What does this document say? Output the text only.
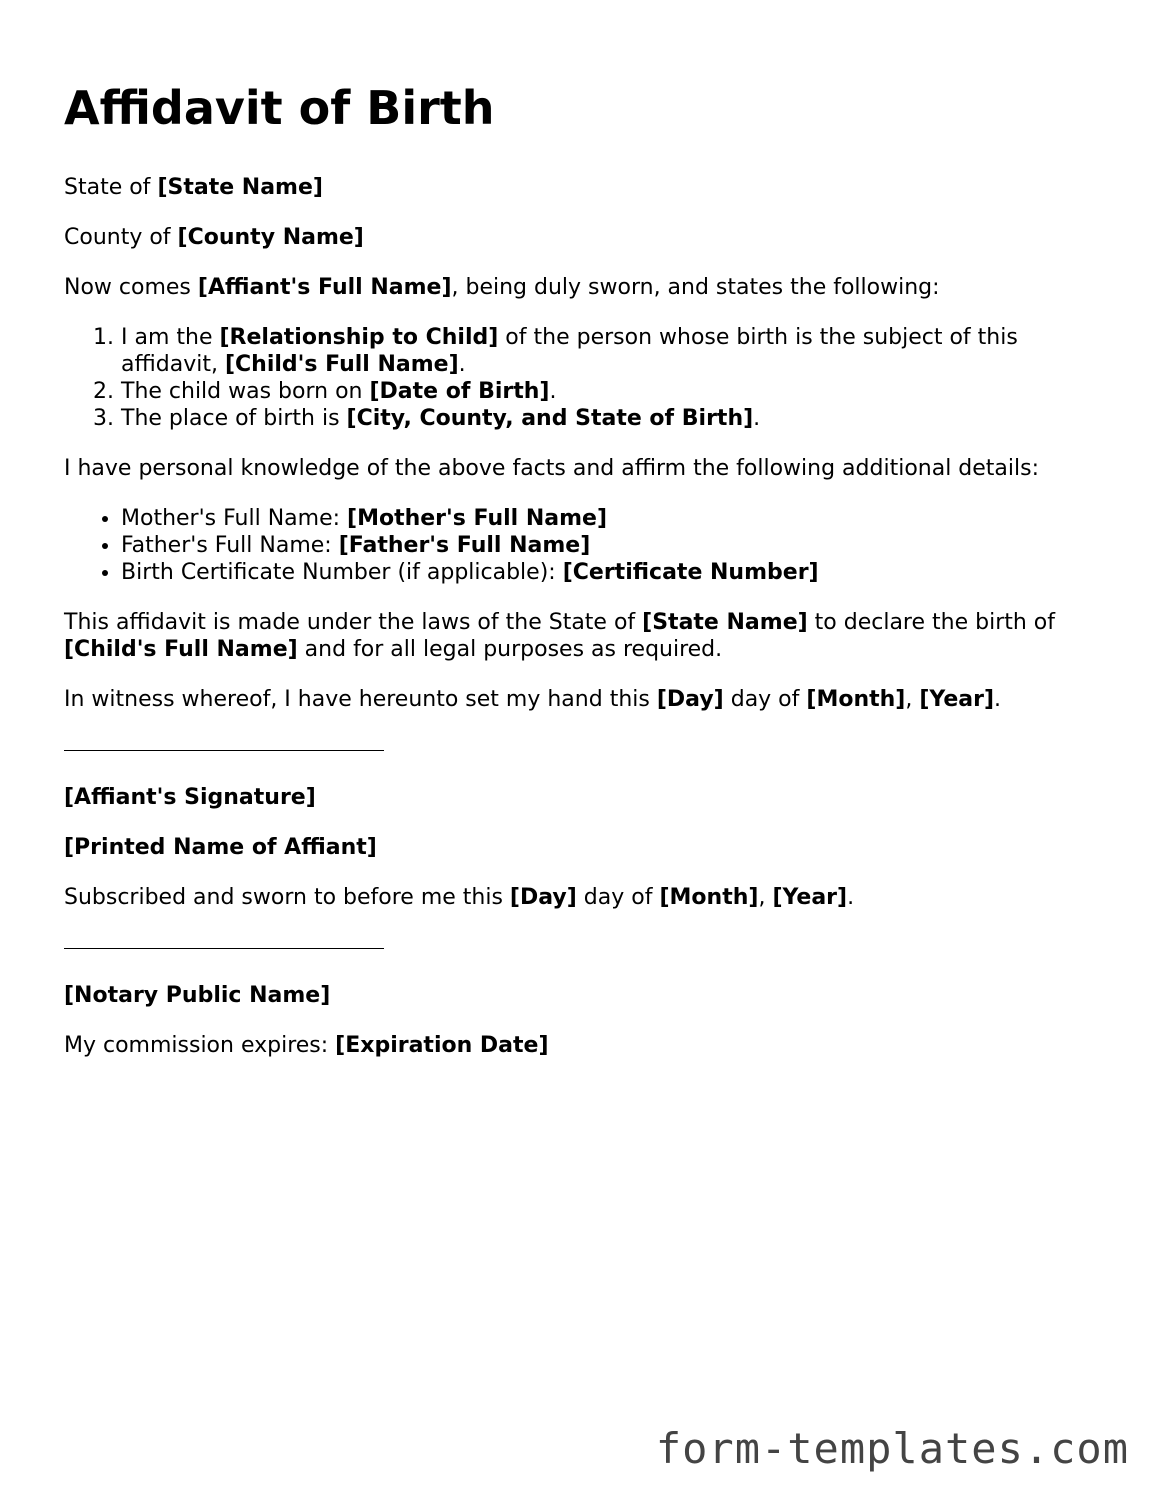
Affidavit of Birth

State of [State Name]

County of [County Name]

Now comes [Affiant's Full Name], being duly sworn, and states the following:

1. I am the [Relationship to Child] of the person whose birth is the subject of this affidavit, [Child's Full Name].
2. The child was born on [Date of Birth].
3. The place of birth is [City, County, and State of Birth].

I have personal knowledge of the above facts and affirm the following additional details:

• Mother's Full Name: [Mother's Full Name]
• Father's Full Name: [Father's Full Name]
• Birth Certificate Number (if applicable): [Certificate Number]

This affidavit is made under the laws of the State of [State Name] to declare the birth of [Child's Full Name] and for all legal purposes as required.

In witness whereof, I have hereunto set my hand this [Day] day of [Month], [Year].

[Affiant's Signature]

[Printed Name of Affiant]

Subscribed and sworn to before me this [Day] day of [Month], [Year].

[Notary Public Name]

My commission expires: [Expiration Date]

form-templates.com
